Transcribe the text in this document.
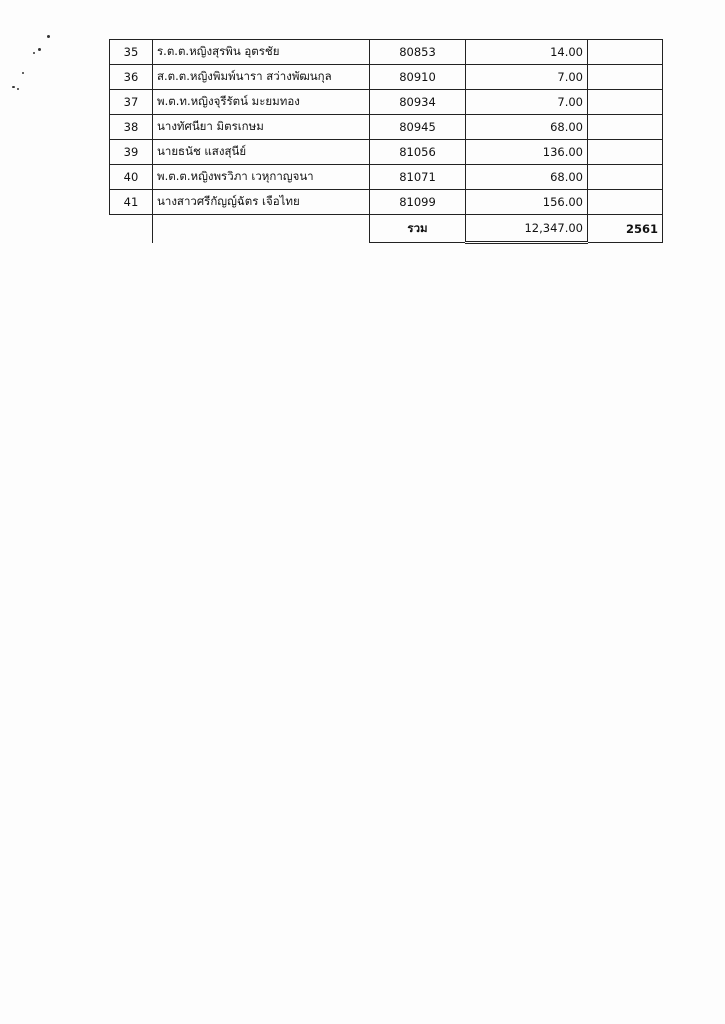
35	ร.ต.ต.หญิงสุรพิน อุตรชัย	80853	14.00	
36	ส.ต.ต.หญิงพิมพ์นารา สว่างพัฒนกุล	80910	7.00	
37	พ.ต.ท.หญิงจุรีรัตน์ มะยมทอง	80934	7.00	
38	นางทัศนียา มิตรเกษม	80945	68.00	
39	นายธนัช แสงสุนีย์	81056	136.00	
40	พ.ต.ต.หญิงพรวิภา เวหุกาญจนา	81071	68.00	
41	นางสาวศรีกัญญ์ฉัตร เจือไทย	81099	156.00	
		รวม	12,347.00	2561
